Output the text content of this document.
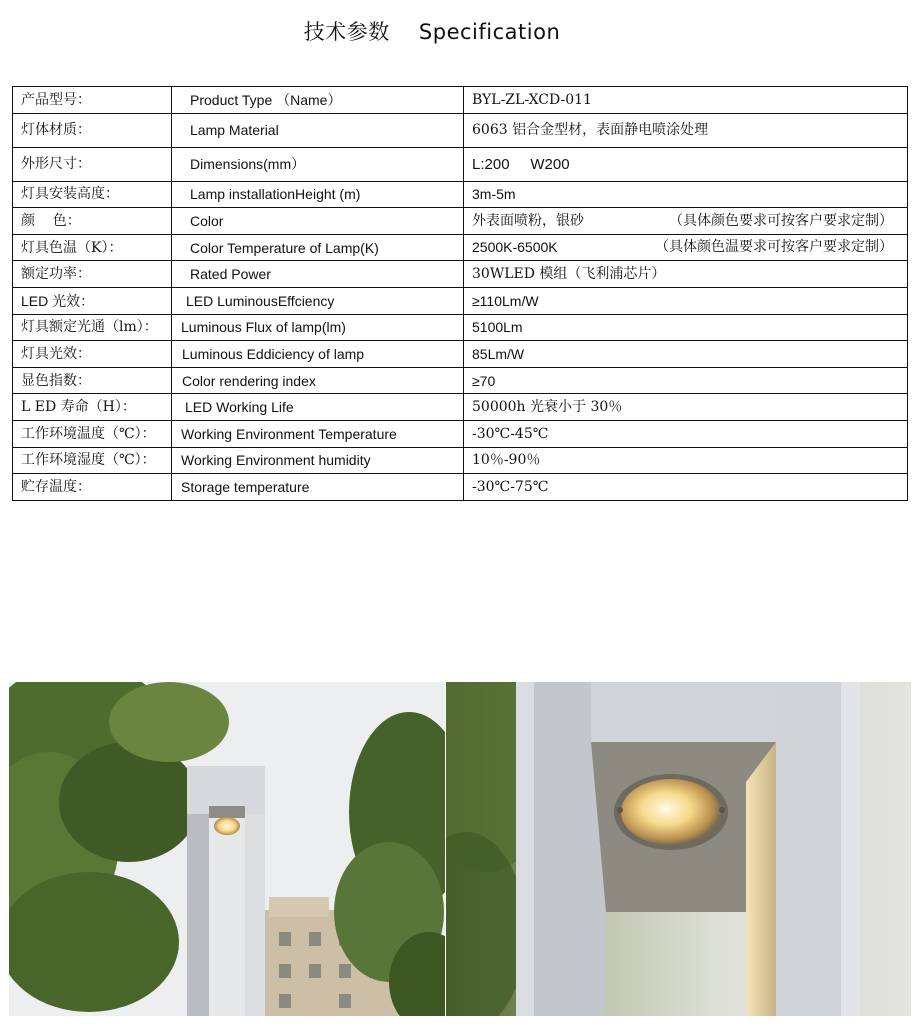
技术参数 Specification
产品型号：	Product Type （Name）	BYL-ZL-XCD-011
灯体材质：	Lamp Material	6063 铝合金型材，表面静电喷涂处理
外形尺寸：	Dimensions(mm）	L:200     W200
灯具安装高度：	Lamp installationHeight (m)	3m-5m
颜    色：	Color	外表面喷粉，银砂 （具体颜色要求可按客户要求定制）

灯具色温（K）：	Color Temperature of Lamp(K)	2500K-6500K （具体颜色温要求可按客户要求定制）

额定功率：	Rated Power	30WLED 模组（飞利浦芯片）
LED 光效：	LED LuminousEffciency	≥110Lm/W
灯具额定光通（lm）：	Luminous Flux of lamp(lm)	5100Lm
灯具光效：	Luminous Eddiciency of lamp	85Lm/W
显色指数：	Color rendering index	≥70
L ED 寿命（H）：	LED Working Life	50000h 光衰小于 30％
工作环境温度（℃）：	Working Environment Temperature	-30℃-45℃
工作环境湿度（℃）：	Working Environment humidity	10％-90％
贮存温度：	Storage temperature	-30℃-75℃
